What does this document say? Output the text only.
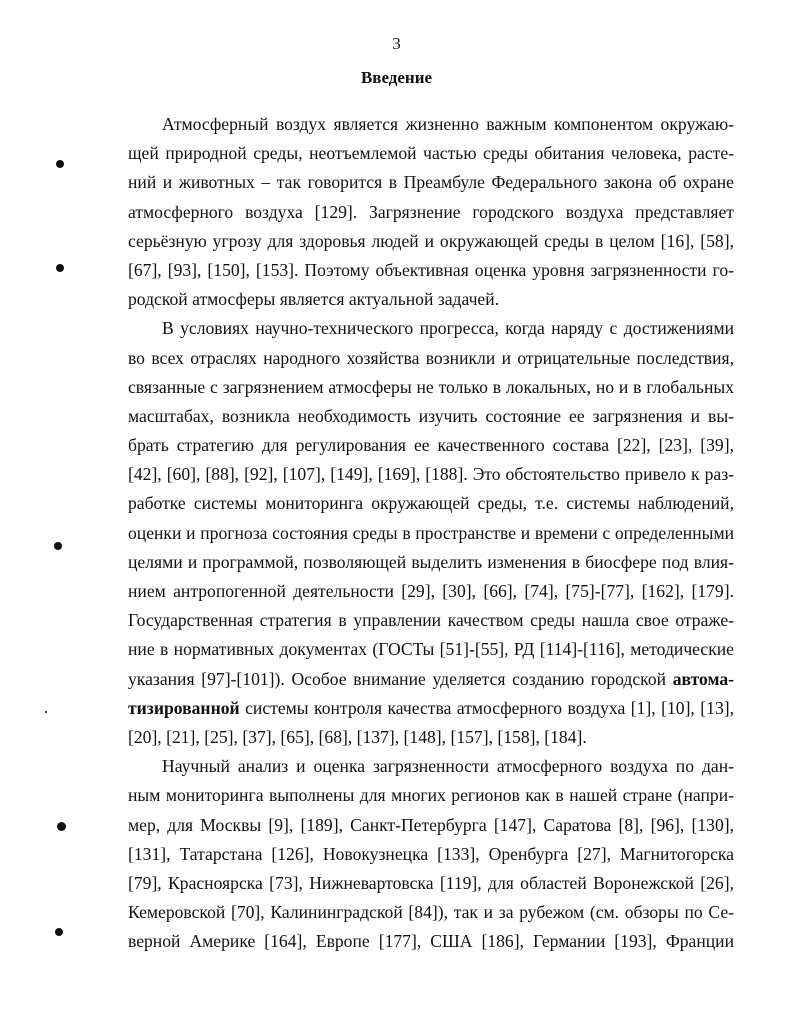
3
Введение
Атмосферный воздух является жизненно важным компонентом окружаю-
щей природной среды, неотъемлемой частью среды обитания человека, расте-
ний и животных – так говорится в Преамбуле Федерального закона об охране
атмосферного воздуха [129]. Загрязнение городского воздуха представляет
серьёзную угрозу для здоровья людей и окружающей среды в целом [16], [58],
[67], [93], [150], [153]. Поэтому объективная оценка уровня загрязненности го-
родской атмосферы является актуальной задачей.
В условиях научно-технического прогресса, когда наряду с достижениями
во всех отраслях народного хозяйства возникли и отрицательные последствия,
связанные с загрязнением атмосферы не только в локальных, но и в глобальных
масштабах, возникла необходимость изучить состояние ее загрязнения и вы-
брать стратегию для регулирования ее качественного состава [22], [23], [39],
[42], [60], [88], [92], [107], [149], [169], [188]. Это обстоятельство привело к раз-
работке системы мониторинга окружающей среды, т.е. системы наблюдений,
оценки и прогноза состояния среды в пространстве и времени с определенными
целями и программой, позволяющей выделить изменения в биосфере под влия-
нием антропогенной деятельности [29], [30], [66], [74], [75]-[77], [162], [179].
Государственная стратегия в управлении качеством среды нашла свое отраже-
ние в нормативных документах (ГОСТы [51]-[55], РД [114]-[116], методические
указания [97]-[101]). Особое внимание уделяется созданию городской автома-
тизированной системы контроля качества атмосферного воздуха [1], [10], [13],
[20], [21], [25], [37], [65], [68], [137], [148], [157], [158], [184].
Научный анализ и оценка загрязненности атмосферного воздуха по дан-
ным мониторинга выполнены для многих регионов как в нашей стране (напри-
мер, для Москвы [9], [189], Санкт-Петербурга [147], Саратова [8], [96], [130],
[131], Татарстана [126], Новокузнецка [133], Оренбурга [27], Магнитогорска
[79], Красноярска [73], Нижневартовска [119], для областей Воронежской [26],
Кемеровской [70], Калининградской [84]), так и за рубежом (см. обзоры по Се-
верной Америке [164], Европе [177], США [186], Германии [193], Франции
